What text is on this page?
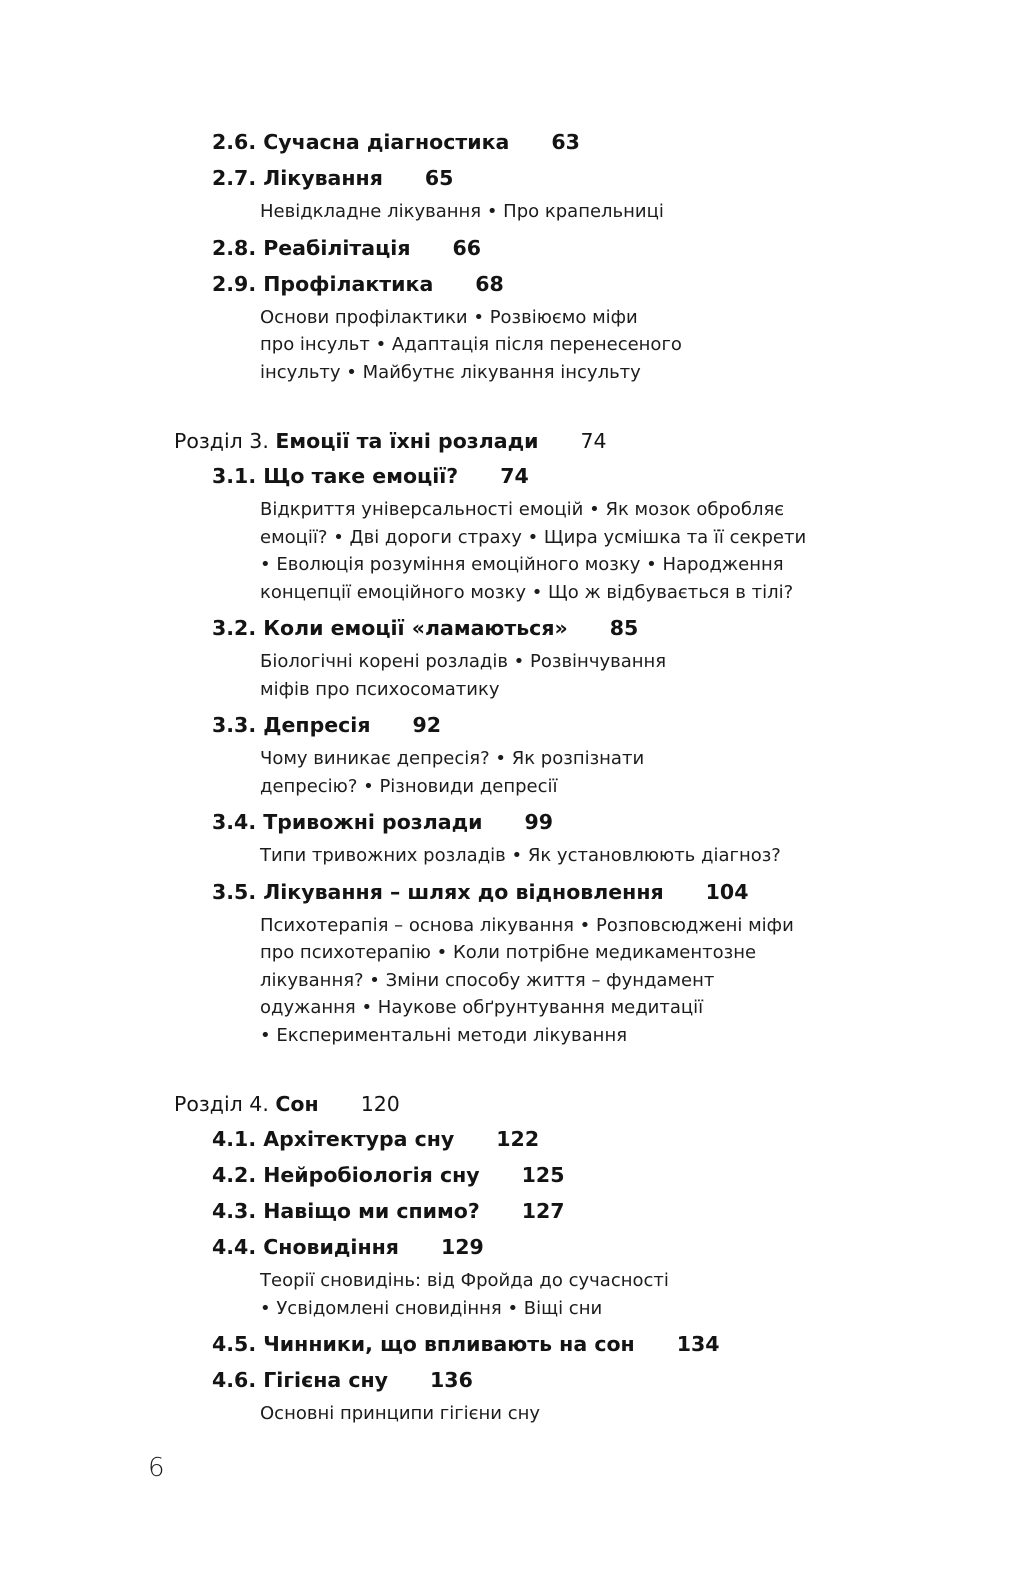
2.6. Сучасна діагностика 63
2.7. Лікування 65
Невідкладне лікування • Про крапельниці
2.8. Реабілітація 66
2.9. Профілактика 68
Основи профілактики • Розвіюємо міфи
про інсульт • Адаптація після перенесеного
інсульту • Майбутнє лікування інсульту
Розділ 3. Емоції та їхні розлади 74
3.1. Що таке емоції? 74
Відкриття універсальності емоцій • Як мозок обробляє
емоції? • Дві дороги страху • Щира усмішка та її секрети
• Еволюція розуміння емоційного мозку • Народження
концепції емоційного мозку • Що ж відбувається в тілі?
3.2. Коли емоції «ламаються» 85
Біологічні корені розладів • Розвінчування
міфів про психосоматику
3.3. Депресія 92
Чому виникає депресія? • Як розпізнати
депресію? • Різновиди депресії
3.4. Тривожні розлади 99
Типи тривожних розладів • Як установлюють діагноз?
3.5. Лікування – шлях до відновлення 104
Психотерапія – основа лікування • Розповсюджені міфи
про психотерапію • Коли потрібне медикаментозне
лікування? • Зміни способу життя – фундамент
одужання • Наукове обґрунтування медитації
• Експериментальні методи лікування
Розділ 4. Сон 120
4.1. Архітектура сну 122
4.2. Нейробіологія сну 125
4.3. Навіщо ми спимо? 127
4.4. Сновидіння 129
Теорії сновидінь: від Фройда до сучасності
• Усвідомлені сновидіння • Віщі сни
4.5. Чинники, що впливають на сон 134
4.6. Гігієна сну 136
Основні принципи гігієни сну
6
